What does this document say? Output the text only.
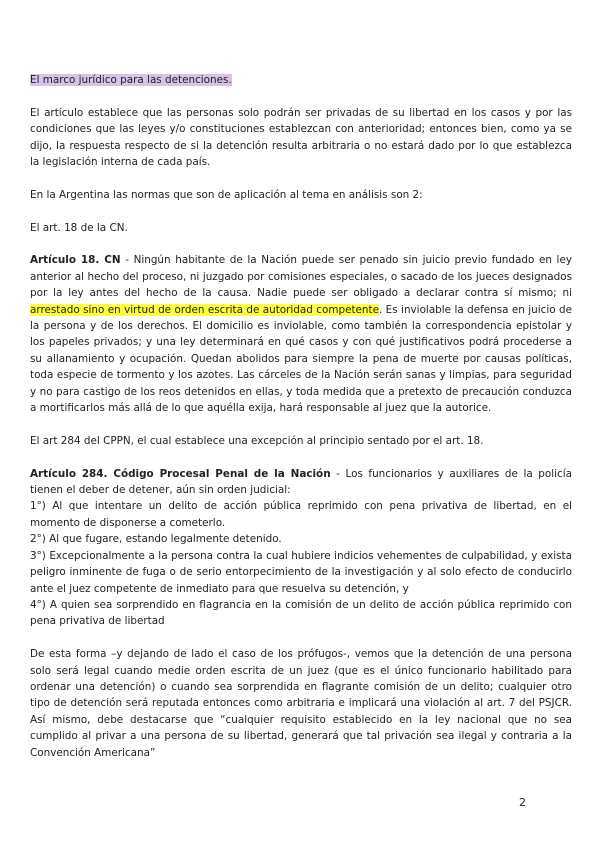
El marco jurídico para las detenciones.

El artículo establece que las personas solo podrán ser privadas de su libertad en los casos y por las condiciones que las leyes y/o constituciones establezcan con anterioridad; entonces bien, como ya se dijo, la respuesta respecto de si la detención resulta arbitraria o no estará dado por lo que establezca la legislación interna de cada país.

En la Argentina las normas que son de aplicación al tema en análisis son 2:

El art. 18 de la CN.

Artículo 18. CN - Ningún habitante de la Nación puede ser penado sin juicio previo fundado en ley anterior al hecho del proceso, ni juzgado por comisiones especiales, o sacado de los jueces designados por la ley antes del hecho de la causa. Nadie puede ser obligado a declarar contra sí mismo; ni arrestado sino en virtud de orden escrita de autoridad competente. Es inviolable la defensa en juicio de la persona y de los derechos. El domicilio es inviolable, como también la correspondencia epistolar y los papeles privados; y una ley determinará en qué casos y con qué justificativos podrá procederse a su allanamiento y ocupación. Quedan abolidos para siempre la pena de muerte por causas políticas, toda especie de tormento y los azotes. Las cárceles de la Nación serán sanas y limpias, para seguridad y no para castigo de los reos detenidos en ellas, y toda medida que a pretexto de precaución conduzca a mortificarlos más allá de lo que aquélla exija, hará responsable al juez que la autorice.

El art 284 del CPPN, el cual establece una excepción al principio sentado por el art. 18.

Artículo 284. Código Procesal Penal de la Nación - Los funcionarios y auxiliares de la policía tienen el deber de detener, aún sin orden judicial:

1°) Al que intentare un delito de acción pública reprimido con pena privativa de libertad, en el momento de disponerse a cometerlo.

2°) Al que fugare, estando legalmente detenido.

3°) Excepcionalmente a la persona contra la cual hubiere indicios vehementes de culpabilidad, y exista peligro inminente de fuga o de serio entorpecimiento de la investigación y al solo efecto de conducirlo ante el juez competente de inmediato para que resuelva su detención, y

4°) A quien sea sorprendido en flagrancia en la comisión de un delito de acción pública reprimido con pena privativa de libertad

De esta forma –y dejando de lado el caso de los prófugos-, vemos que la detención de una persona solo será legal cuando medie orden escrita de un juez (que es el único funcionario habilitado para ordenar una detención) o cuando sea sorprendida en flagrante comisión de un delito; cualquier otro tipo de detención será reputada entonces como arbitraria e implicará una violación al art. 7 del PSJCR. Así mismo, debe destacarse que “cualquier requisito establecido en la ley nacional que no sea cumplido al privar a una persona de su libertad, generará que tal privación sea ilegal y contraria a la Convención Americana”

2
